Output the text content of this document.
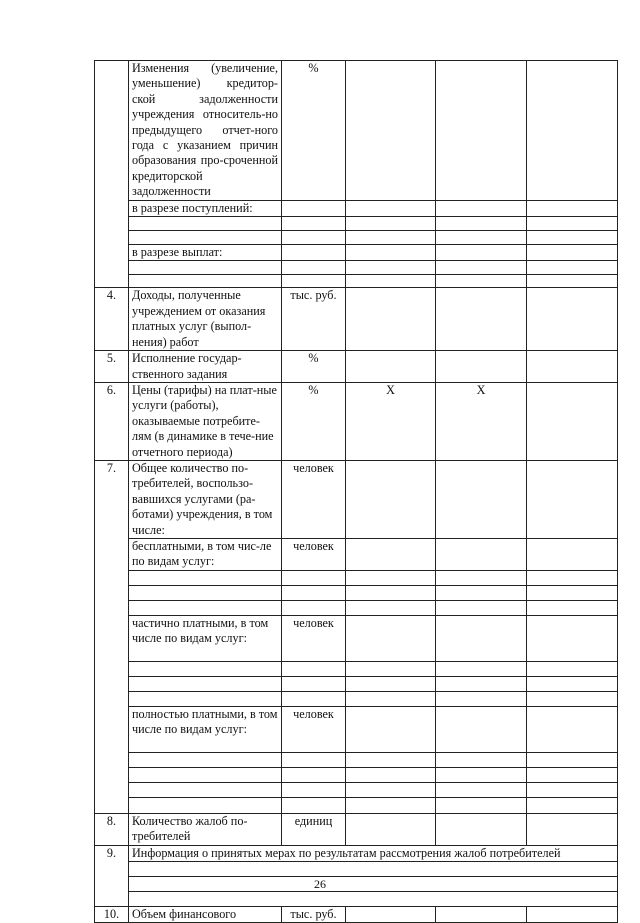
	Изменения (увеличение, уменьшение) кредитор-ской задолженности учреждения относитель-но предыдущего отчет-ного года с указанием причин образования про-сроченной кредиторской задолженности	%			
	в разрезе поступлений:				

	в разрезе выплат:				

4.	Доходы, полученные учреждением от оказания платных услуг (выпол-нения) работ	тыс. руб.			
5.	Исполнение государ-ственного задания	%			
6.	Цены (тарифы) на плат-ные услуги (работы), оказываемые потребите-лям (в динамике в тече-ние отчетного периода)	%	X	X	
7.	Общее количество по-требителей, воспользо-вавшихся услугами (ра-ботами) учреждения, в том числе:	человек			
	бесплатными, в том чис-ле по видам услуг:	человек			

	частично платными, в том числе по видам услуг:	человек			

	полностью платными, в том числе по видам услуг:	человек			

8.	Количество жалоб по-требителей	единиц			
9.	Информация о принятых мерах по результатам рассмотрения жалоб потребителей				

10.	Объем финансового	тыс. руб.			
26
